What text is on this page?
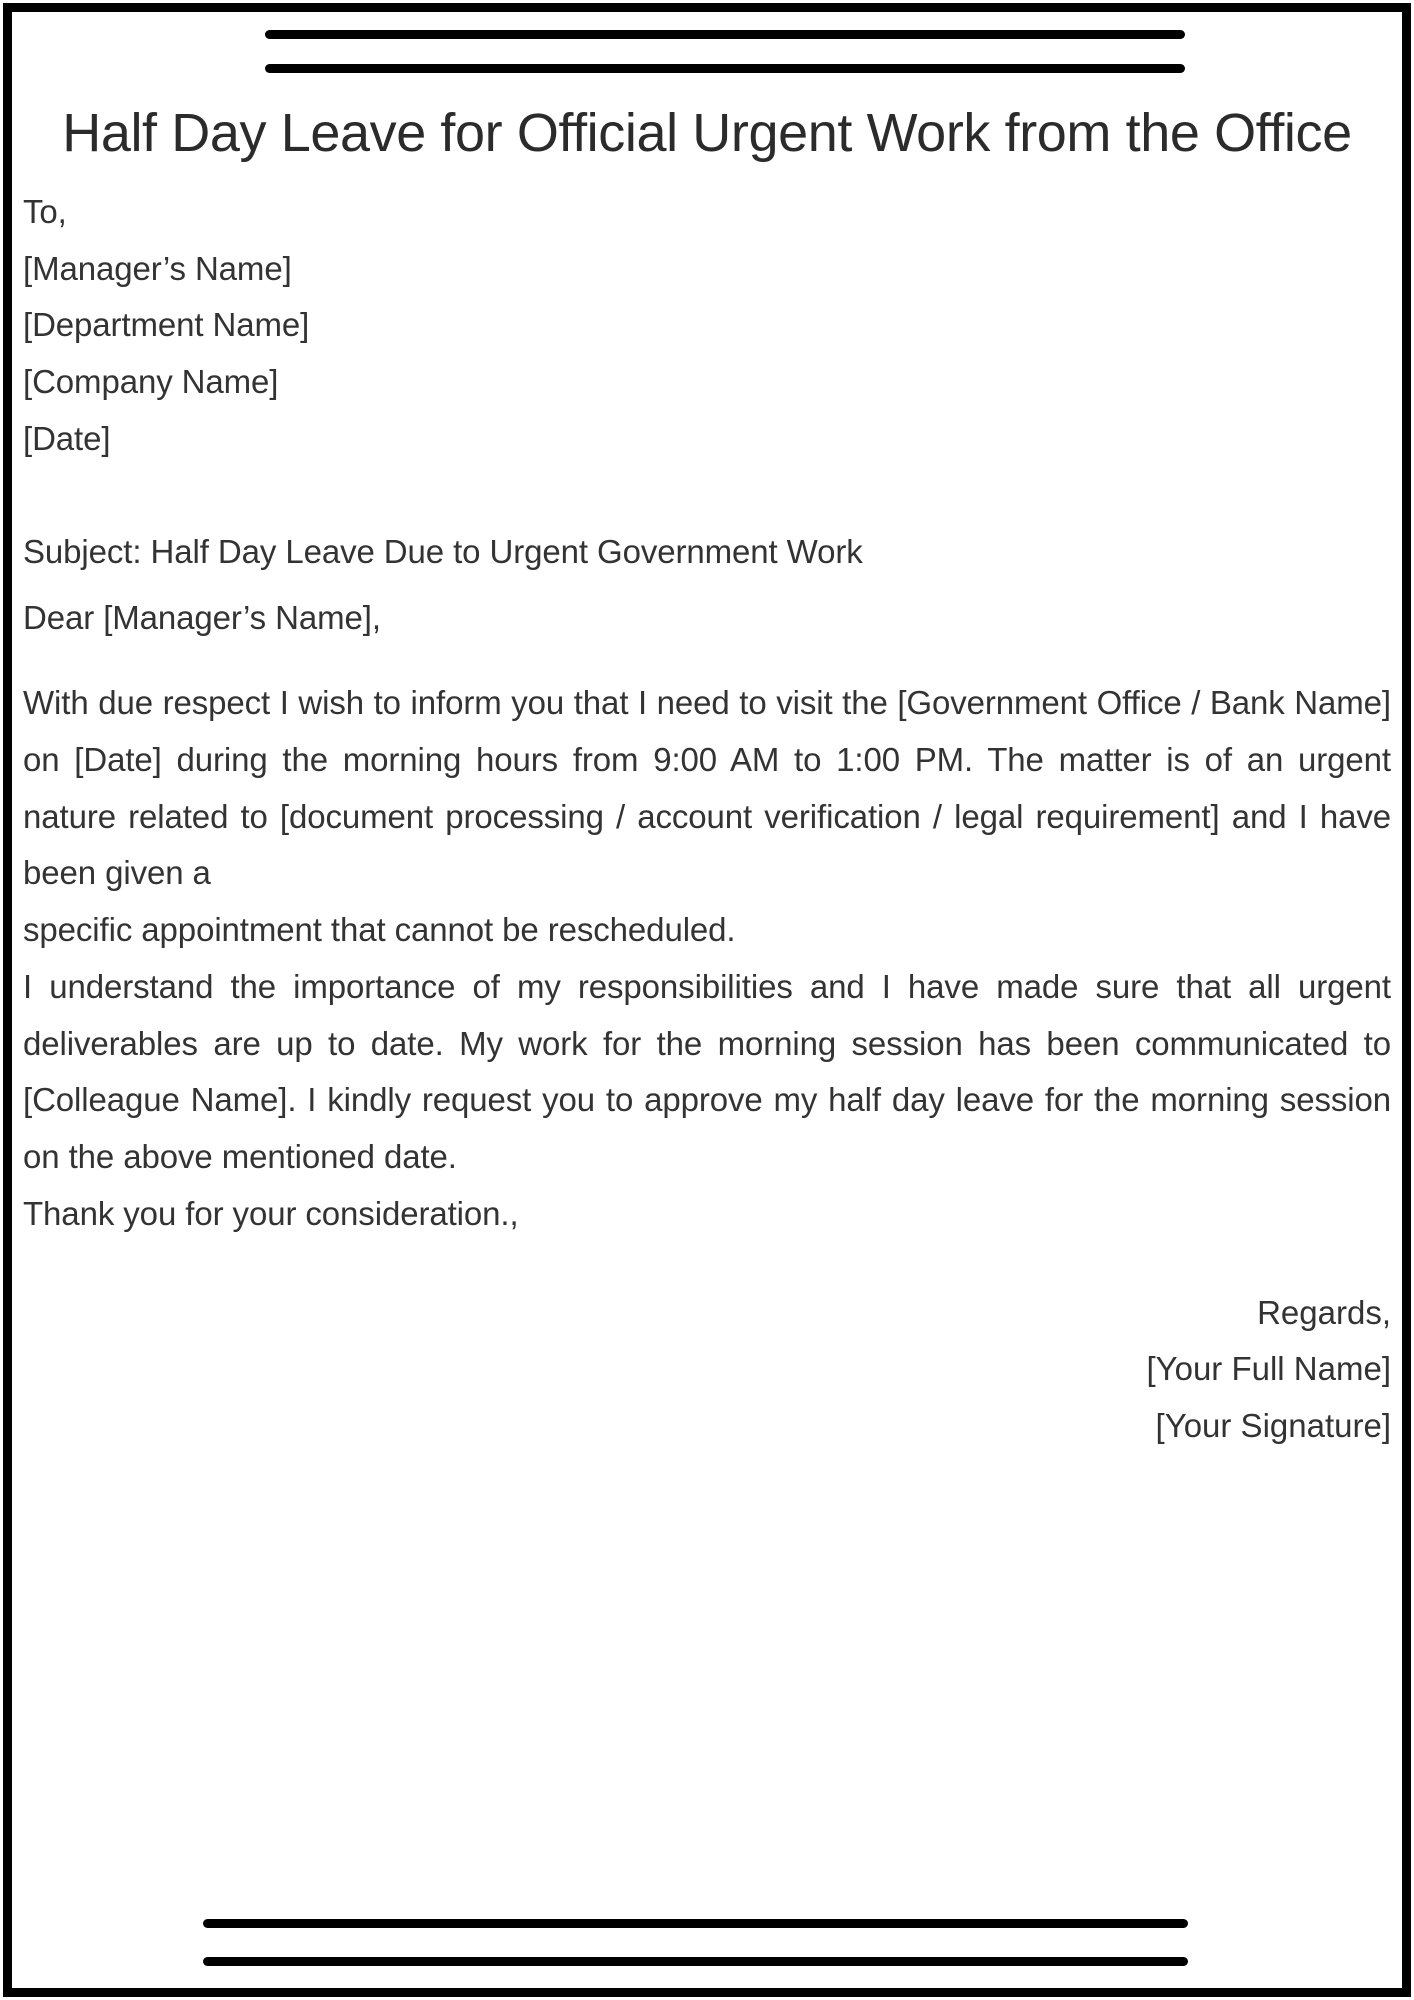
Half Day Leave for Official Urgent Work from the Office
To,
[Manager’s Name]
[Department Name]
[Company Name]
[Date]
Subject: Half Day Leave Due to Urgent Government Work
Dear [Manager’s Name],
With due respect I wish to inform you that I need to visit the [Government Office / Bank Name] on [Date] during the morning hours from 9:00 AM to 1:00 PM. The matter is of an urgent nature related to [document processing / account verification / legal requirement] and I have been given a
specific appointment that cannot be rescheduled.
I understand the importance of my responsibilities and I have made sure that all urgent deliverables are up to date. My work for the morning session has been communicated to [Colleague Name]. I kindly request you to approve my half day leave for the morning session on the above mentioned date.
Thank you for your consideration.,
Regards,
[Your Full Name]
[Your Signature]
